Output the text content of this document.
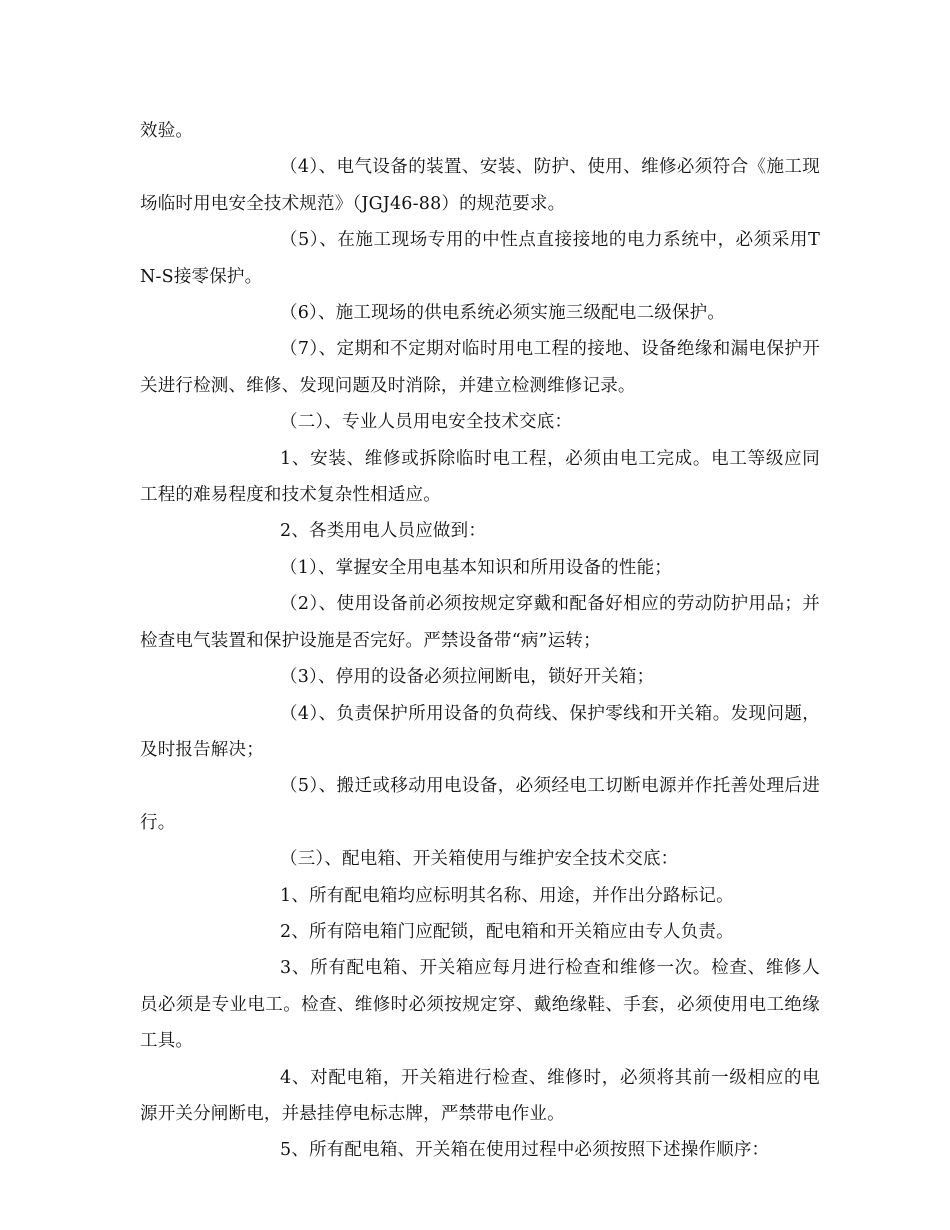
效验。

（4）、电气设备的装置、安装、防护、使用、维修必须符合《施工现场临时用电安全技术规范》（JGJ46-88）的规范要求。

（5）、在施工现场专用的中性点直接接地的电力系统中，必须采用TN-S接零保护。

（6）、施工现场的供电系统必须实施三级配电二级保护。

（7）、定期和不定期对临时用电工程的接地、设备绝缘和漏电保护开关进行检测、维修、发现问题及时消除，并建立检测维修记录。

（二）、专业人员用电安全技术交底：

1、安装、维修或拆除临时电工程，必须由电工完成。电工等级应同工程的难易程度和技术复杂性相适应。

2、各类用电人员应做到：

（1）、掌握安全用电基本知识和所用设备的性能；

（2）、使用设备前必须按规定穿戴和配备好相应的劳动防护用品；并检查电气装置和保护设施是否完好。严禁设备带“病”运转；

（3）、停用的设备必须拉闸断电，锁好开关箱；

（4）、负责保护所用设备的负荷线、保护零线和开关箱。发现问题，及时报告解决；

（5）、搬迁或移动用电设备，必须经电工切断电源并作托善处理后进行。

（三）、配电箱、开关箱使用与维护安全技术交底：

1、所有配电箱均应标明其名称、用途，并作出分路标记。

2、所有陪电箱门应配锁，配电箱和开关箱应由专人负责。

3、所有配电箱、开关箱应每月进行检查和维修一次。检查、维修人员必须是专业电工。检查、维修时必须按规定穿、戴绝缘鞋、手套，必须使用电工绝缘工具。

4、对配电箱，开关箱进行检查、维修时，必须将其前一级相应的电源开关分闸断电，并悬挂停电标志牌，严禁带电作业。

5、所有配电箱、开关箱在使用过程中必须按照下述操作顺序：
